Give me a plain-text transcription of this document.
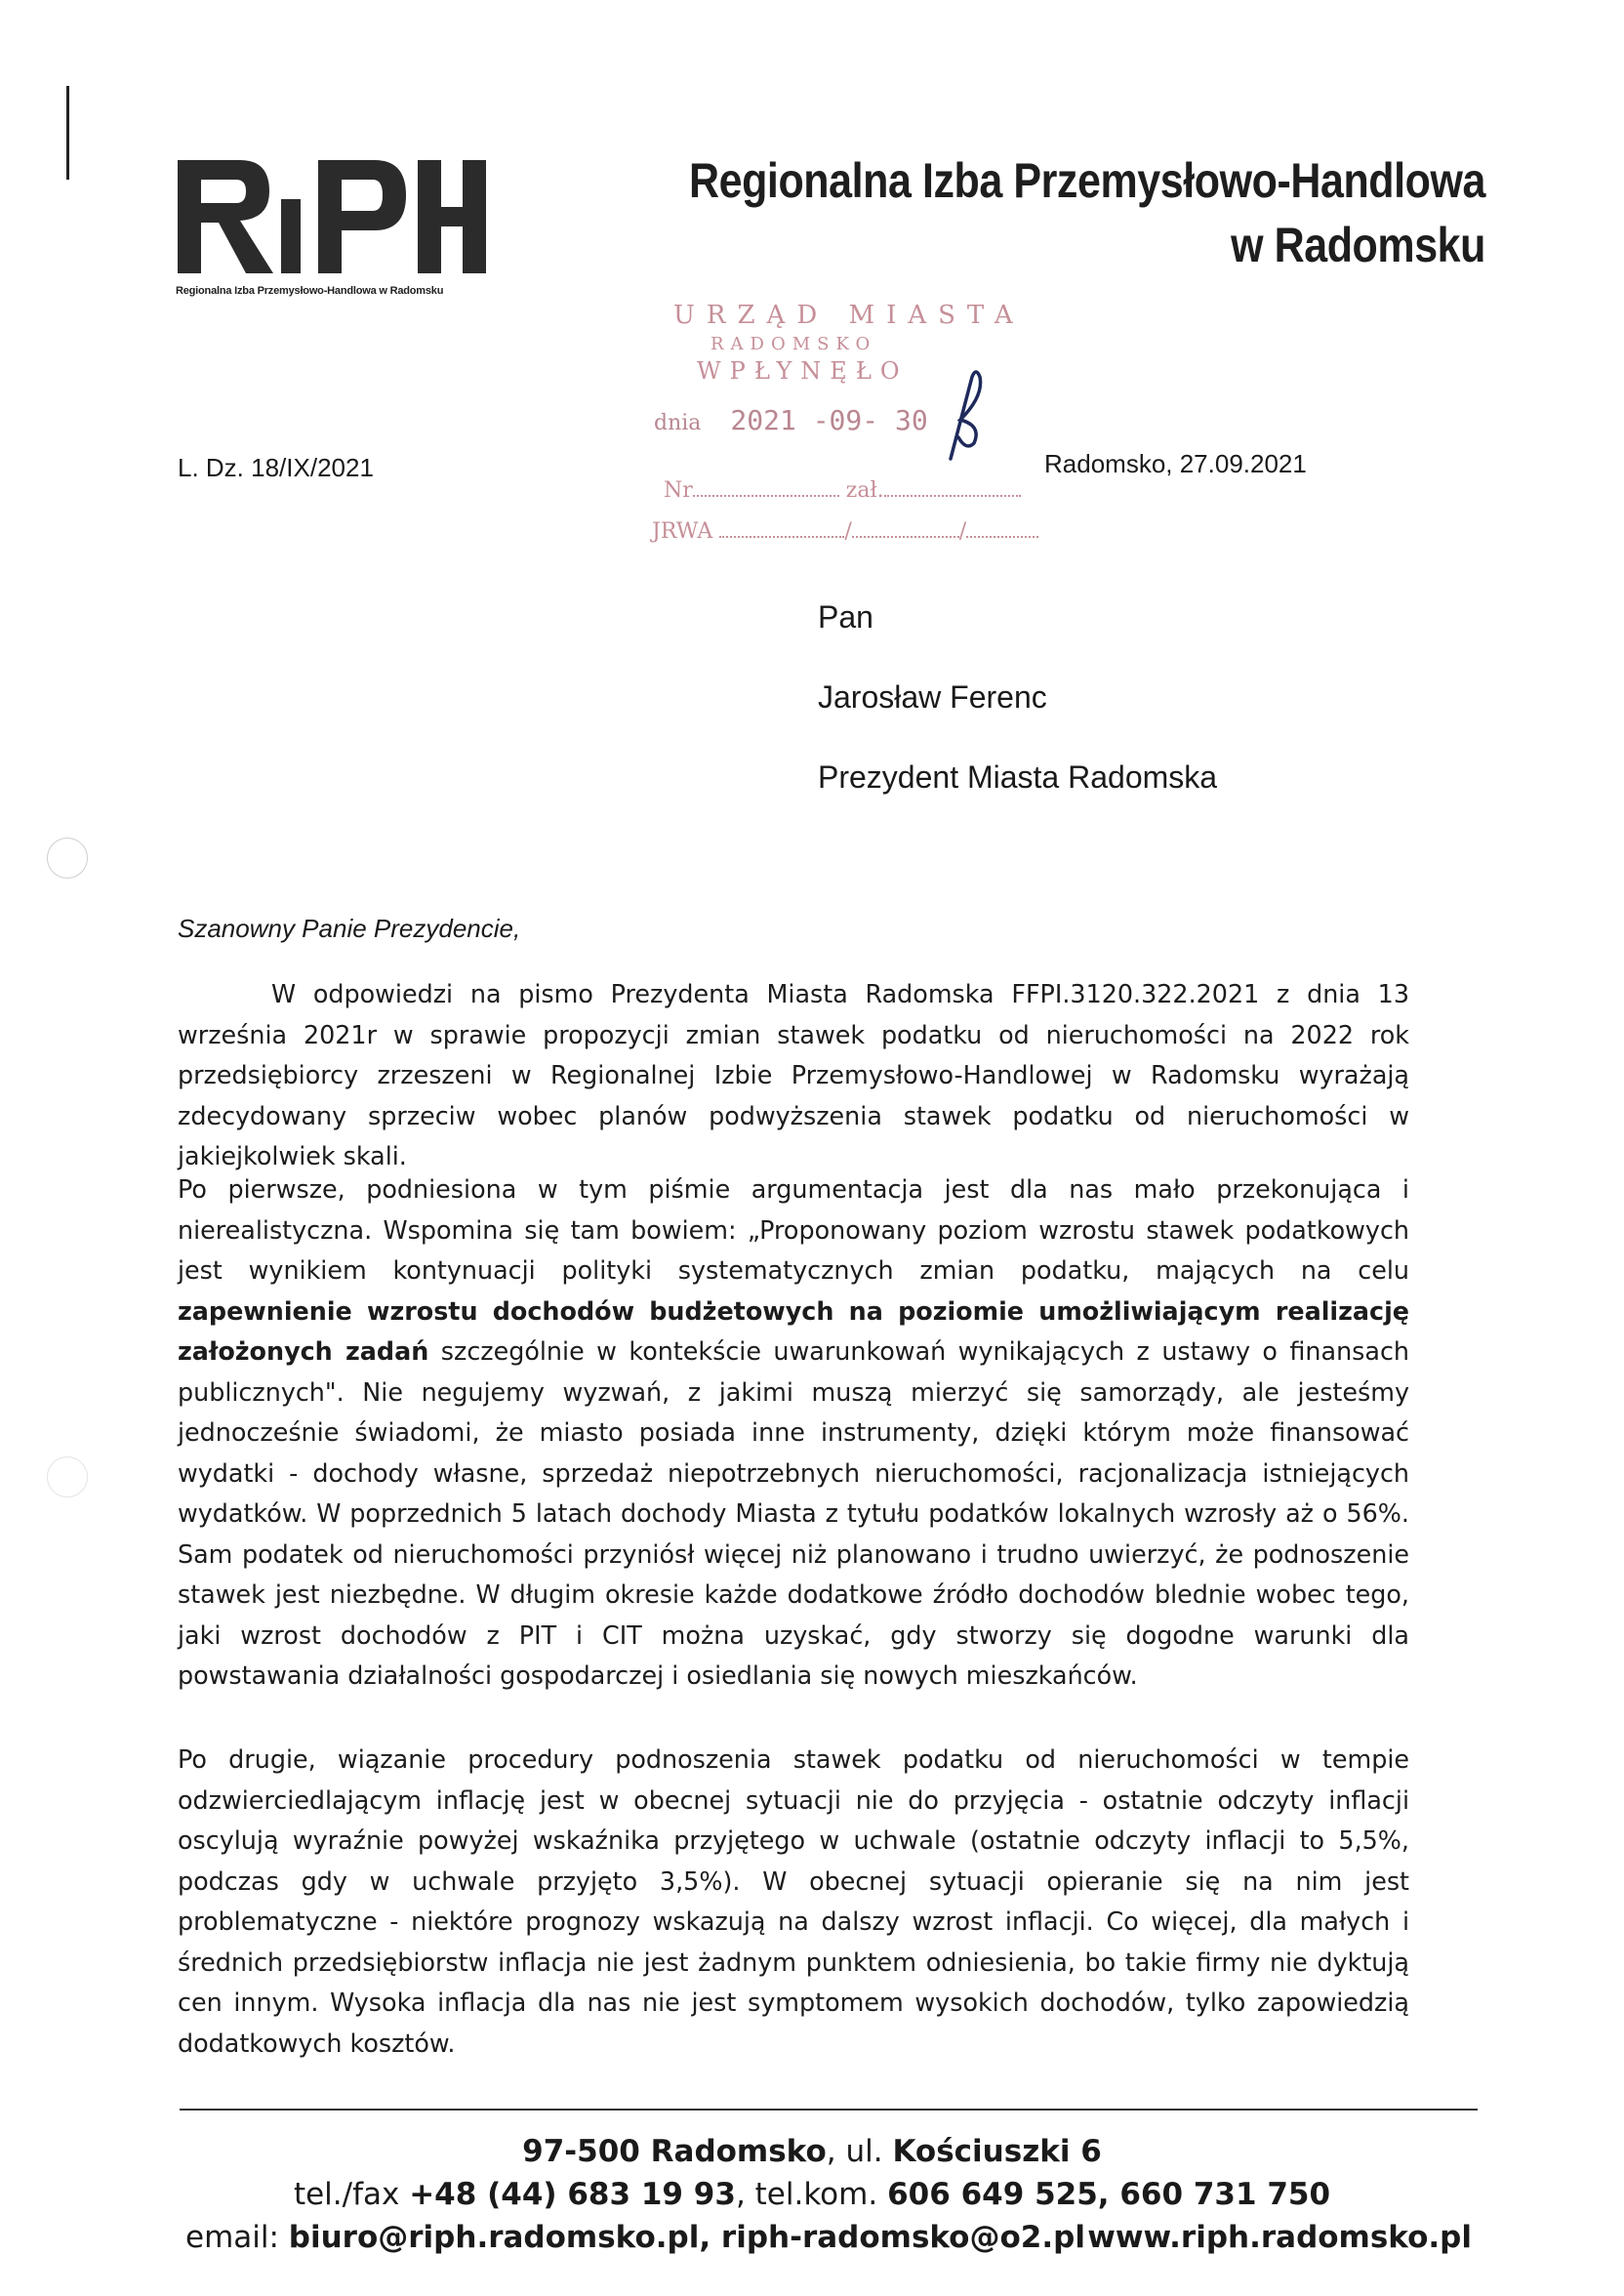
Regionalna Izba Przemysłowo-Handlowa w Radomsku
Regionalna Izba Przemysłowo-Handlowa
w Radomsku
URZĄD MIASTA
RADOMSKO
WPŁYNĘŁO
dnia 2021 -09- 30
Nr	zał.
JRWA	/	/
L. Dz. 18/IX/2021	Radomsko, 27.09.2021
Pan
Jarosław Ferenc
Prezydent Miasta Radomska
Szanowny Panie Prezydencie,
W odpowiedzi na pismo Prezydenta Miasta Radomska FFPI.3120.322.2021 z dnia 13 września 2021r w sprawie propozycji zmian stawek podatku od nieruchomości na 2022 rok przedsiębiorcy zrzeszeni w Regionalnej Izbie Przemysłowo-Handlowej w Radomsku wyrażają zdecydowany sprzeciw wobec planów podwyższenia stawek podatku od nieruchomości w jakiejkolwiek skali.
Po pierwsze, podniesiona w tym piśmie argumentacja jest dla nas mało przekonująca i nierealistyczna. Wspomina się tam bowiem: „Proponowany poziom wzrostu stawek podatkowych jest wynikiem kontynuacji polityki systematycznych zmian podatku, mających na celu zapewnienie wzrostu dochodów budżetowych na poziomie umożliwiającym realizację założonych zadań szczególnie w kontekście uwarunkowań wynikających z ustawy o finansach publicznych". Nie negujemy wyzwań, z jakimi muszą mierzyć się samorządy, ale jesteśmy jednocześnie świadomi, że miasto posiada inne instrumenty, dzięki którym może finansować wydatki - dochody własne, sprzedaż niepotrzebnych nieruchomości, racjonalizacja istniejących wydatków. W poprzednich 5 latach dochody Miasta z tytułu podatków lokalnych wzrosły aż o 56%. Sam podatek od nieruchomości przyniósł więcej niż planowano i trudno uwierzyć, że podnoszenie stawek jest niezbędne. W długim okresie każde dodatkowe źródło dochodów blednie wobec tego, jaki wzrost dochodów z PIT i CIT można uzyskać, gdy stworzy się dogodne warunki dla powstawania działalności gospodarczej i osiedlania się nowych mieszkańców.
Po drugie, wiązanie procedury podnoszenia stawek podatku od nieruchomości w tempie odzwierciedlającym inflację jest w obecnej sytuacji nie do przyjęcia - ostatnie odczyty inflacji oscylują wyraźnie powyżej wskaźnika przyjętego w uchwale (ostatnie odczyty inflacji to 5,5%, podczas gdy w uchwale przyjęto 3,5%). W obecnej sytuacji opieranie się na nim jest problematyczne - niektóre prognozy wskazują na dalszy wzrost inflacji. Co więcej, dla małych i średnich przedsiębiorstw inflacja nie jest żadnym punktem odniesienia, bo takie firmy nie dyktują cen innym. Wysoka inflacja dla nas nie jest symptomem wysokich dochodów, tylko zapowiedzią dodatkowych kosztów.
97-500 Radomsko, ul. Kościuszki 6
tel./fax +48 (44) 683 19 93, tel.kom. 606 649 525, 660 731 750
email: biuro@riph.radomsko.pl, riph-radomsko@o2.pl www.riph.radomsko.pl
